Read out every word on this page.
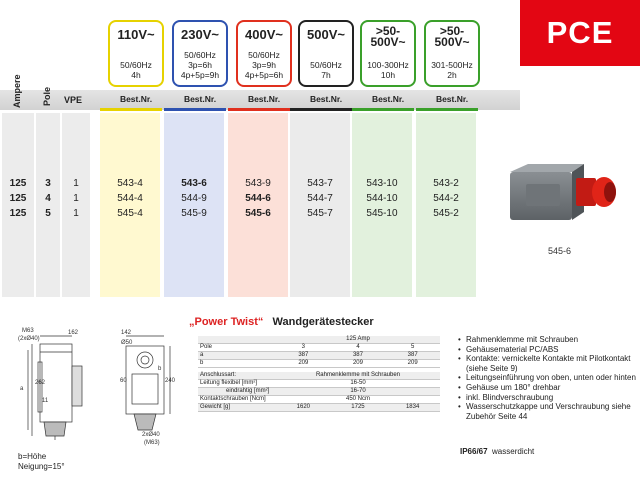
PCE
110V~
50/60Hz
4h
230V~
50/60Hz
3p=6h
4p+5p=9h
400V~
50/60Hz
3p=9h
4p+5p=6h
500V~
50/60Hz
7h
>50-
500V~
100-300Hz
10h
>50-
500V~
301-500Hz
2h
Ampere Pole VPE	Best.Nr.	Best.Nr.	Best.Nr.	Best.Nr.	Best.Nr.	Best.Nr.
125	3	1	543-4	543-6	543-9	543-7	543-10	543-2
125	4	1	544-4	544-9	544-6	544-7	544-10	544-2
125	5	1	545-4	545-9	545-6	545-7	545-10	545-2
545-6
M63
(2xØ40)
162	142
Ø50
262
11
240
60
a
b
2xØ40
(M63)
b=Höhe
Neigung=15°
„Power Twist“ Wandgerätestecker
	125 Amp		
Pole	3	4	5
a	387	387	387
b	209	209	209

Anschlussart:	Rahmenklemme mit Schrauben		
Leitung flexibel [mm²]	16-50		
eindrahtig [mm²]	16-70		
Kontaktschrauben [Ncm]	450 Ncm		
Gewicht [g]	1620	1725	1834
• Rahmenklemme mit Schrauben
• Gehäusematerial PC/ABS
• Kontakte: vernickelte Kontakte mit Pilotkontakt (siehe Seite 9)
• Leitungseinführung von oben, unten oder hinten
• Gehäuse um 180° drehbar
• inkl. Blindverschraubung
• Wasserschutzkappe und Verschraubung siehe Zubehör Seite 44
IP66/67 wasserdicht
